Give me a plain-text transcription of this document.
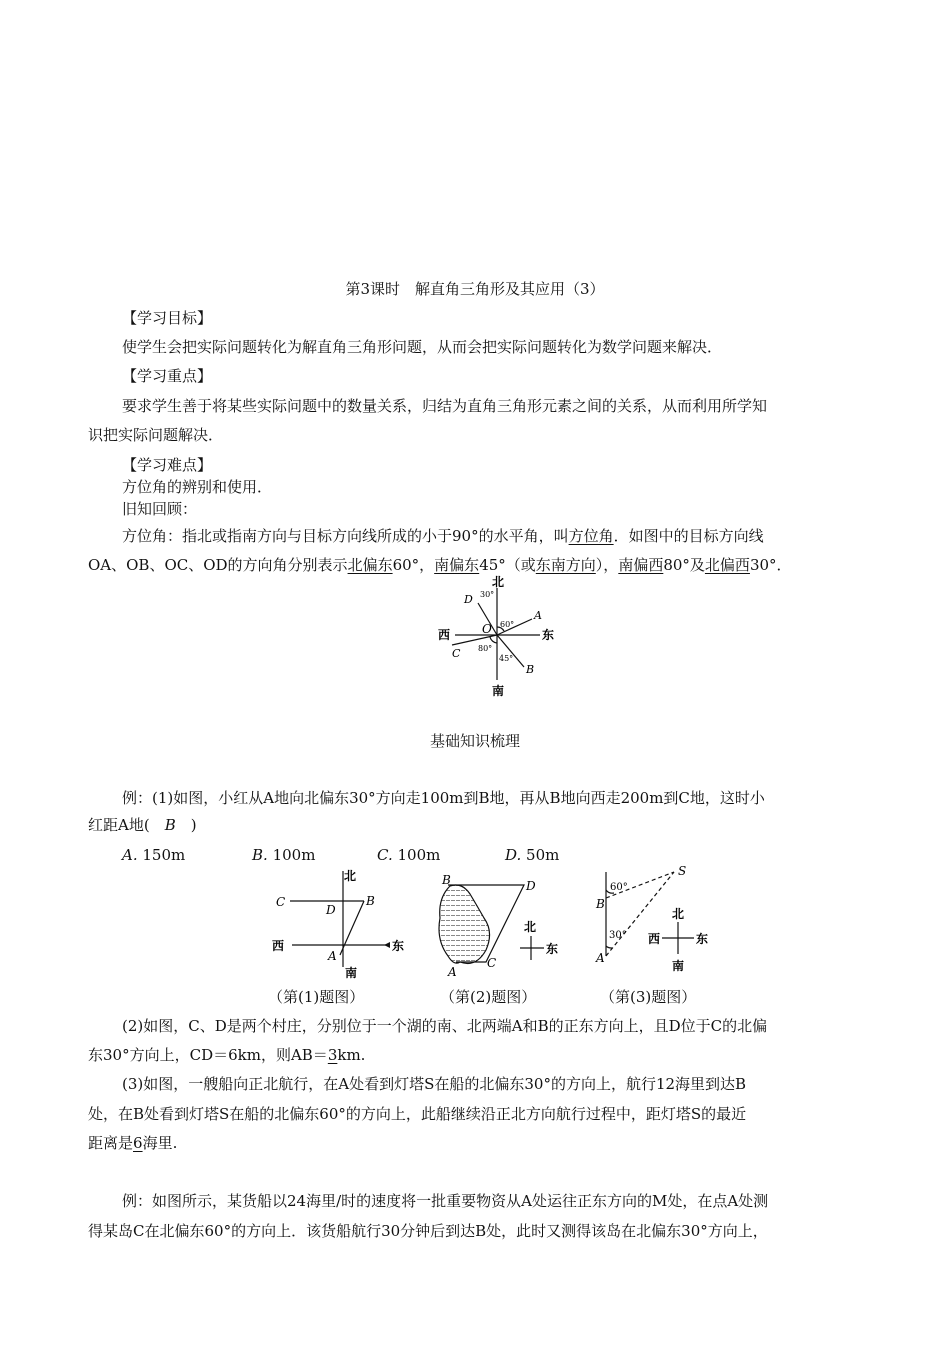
第3课时　解直角三角形及其应用（3）
【学习目标】
使学生会把实际问题转化为解直角三角形问题，从而会把实际问题转化为数学问题来解决．
【学习重点】
要求学生善于将某些实际问题中的数量关系，归结为直角三角形元素之间的关系，从而利用所学知
识把实际问题解决．
【学习难点】
方位角的辨别和使用．
旧知回顾：
方位角：指北或指南方向与目标方向线所成的小于90°的水平角，叫方位角．如图中的目标方向线
OA、OB、OC、OD的方向角分别表示北偏东60°，南偏东45°（或东南方向），南偏西80°及北偏西30°．
北
南
东
西	O
A
B
C
D 30°
60°
80°
45°
基础知识梳理
例：(1)如图，小红从A地向北偏东30°方向走100m到B地，再从B地向西走200m到C地，这时小
红距A地(　B　)
A. 150m	B. 100m	C. 100m	D. 50m
北
南
东
西
C
D
B
A
B	D
A
C
北
东
S
B
A
60°
30°
北
南
东
西
（第(1)题图）	（第(2)题图）	（第(3)题图）
(2)如图，C、D是两个村庄，分别位于一个湖的南、北两端A和B的正东方向上，且D位于C的北偏
东30°方向上，CD＝6km，则AB＝3km.
(3)如图，一艘船向正北航行，在A处看到灯塔S在船的北偏东30°的方向上，航行12海里到达B
处，在B处看到灯塔S在船的北偏东60°的方向上，此船继续沿正北方向航行过程中，距灯塔S的最近
距离是6海里.
例：如图所示，某货船以24海里/时的速度将一批重要物资从A处运往正东方向的M处，在点A处测
得某岛C在北偏东60°的方向上．该货船航行30分钟后到达B处，此时又测得该岛在北偏东30°方向上，
